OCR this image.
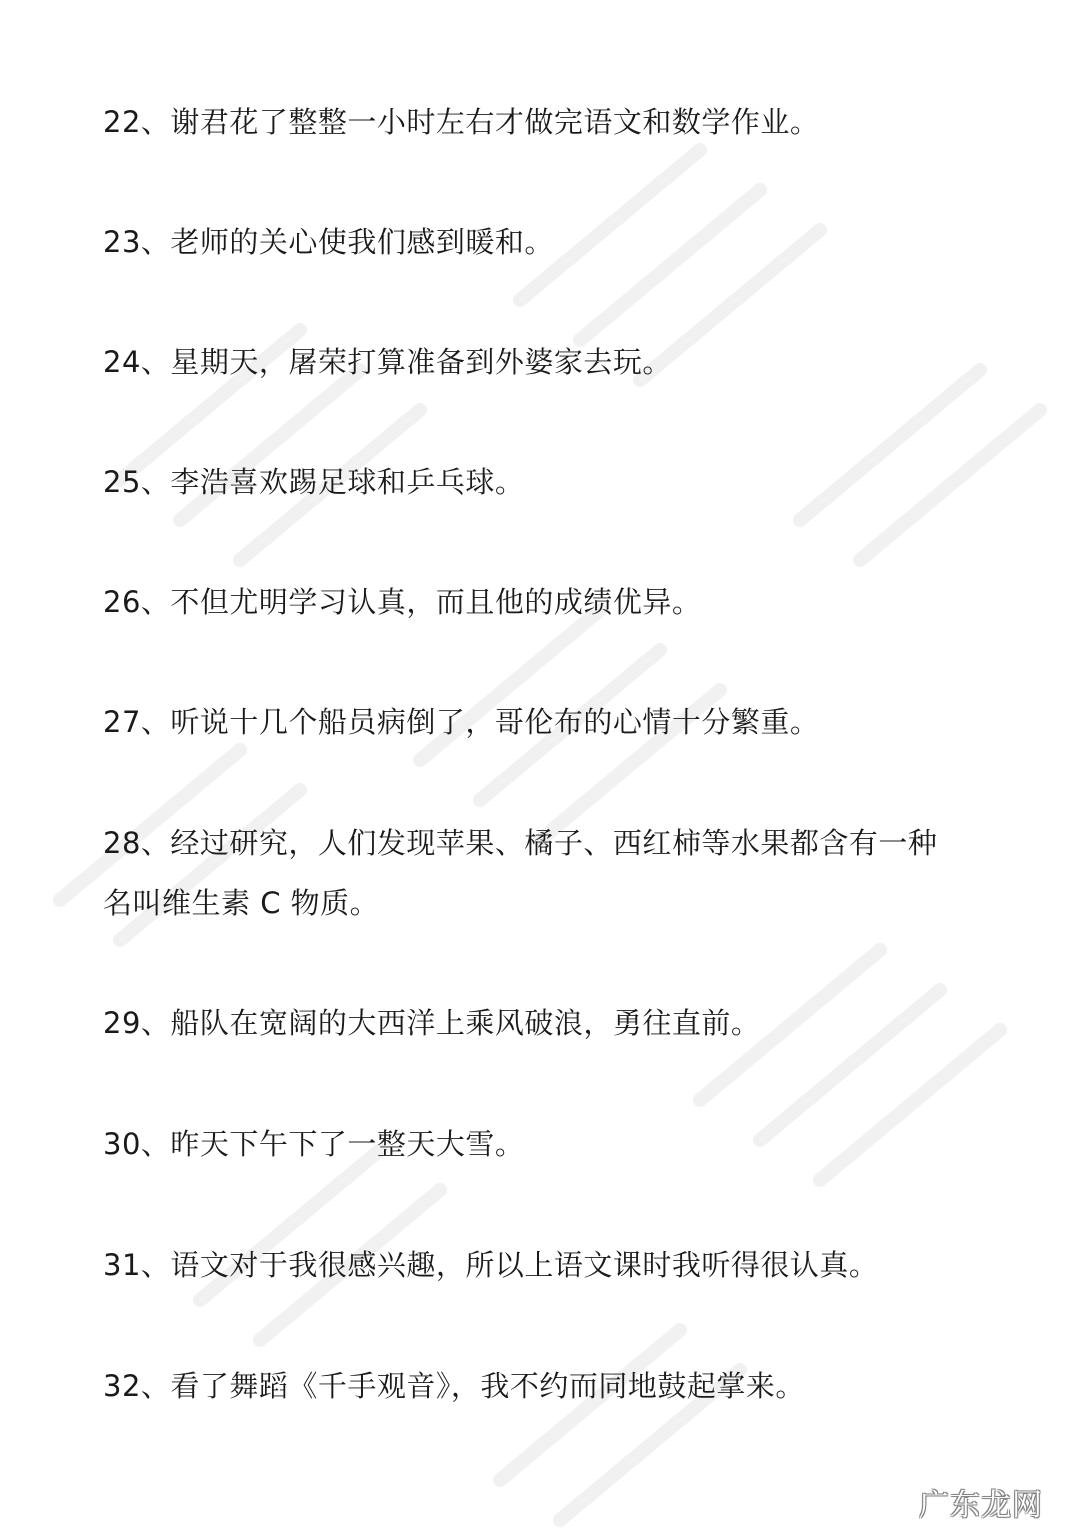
22、谢君花了整整一小时左右才做完语文和数学作业。
23、老师的关心使我们感到暖和。
24、星期天，屠荣打算准备到外婆家去玩。
25、李浩喜欢踢足球和乒乓球。
26、不但尤明学习认真，而且他的成绩优异。
27、听说十几个船员病倒了，哥伦布的心情十分繁重。
28、经过研究，人们发现苹果、橘子、西红柿等水果都含有一种
名叫维生素 C 物质。
29、船队在宽阔的大西洋上乘风破浪，勇往直前。
30、昨天下午下了一整天大雪。
31、语文对于我很感兴趣，所以上语文课时我听得很认真。
32、看了舞蹈《千手观音》，我不约而同地鼓起掌来。
广东龙网
